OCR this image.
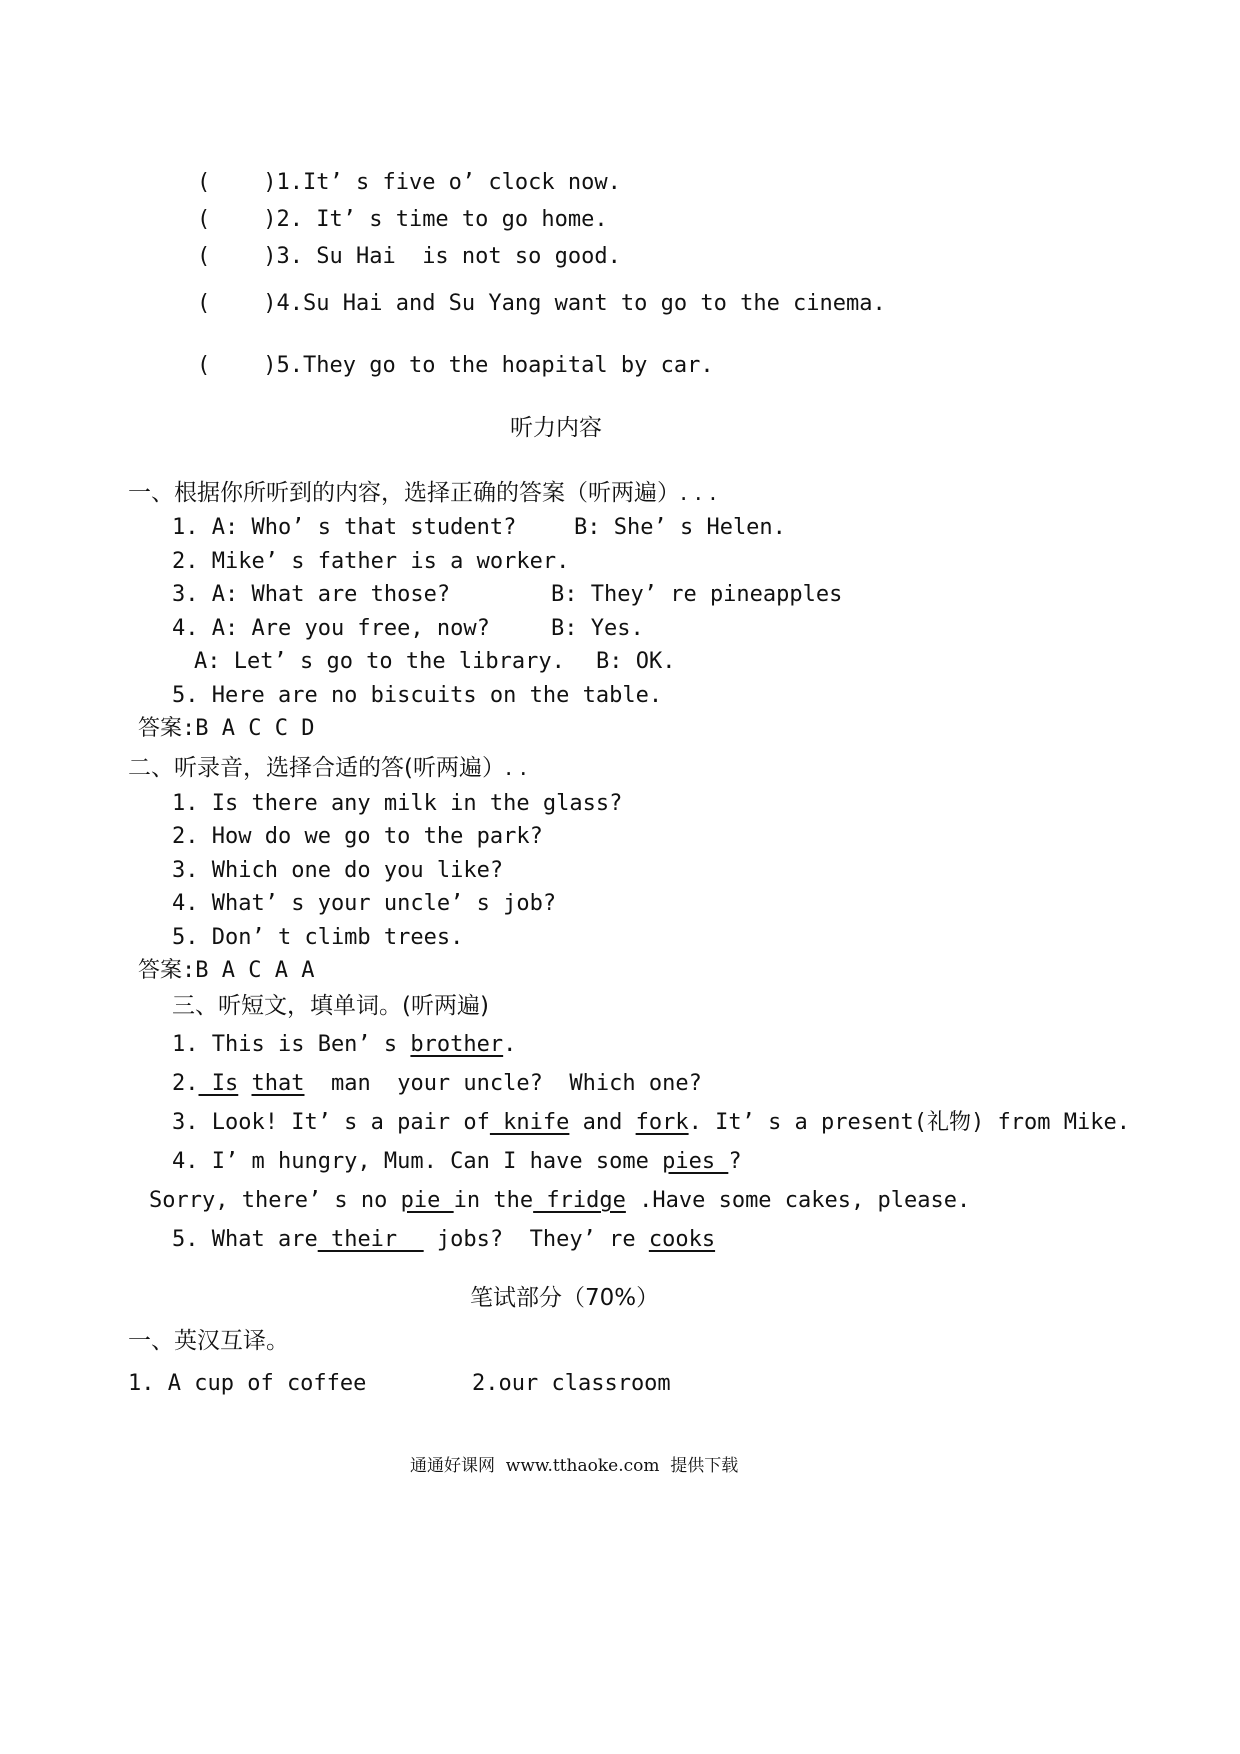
(    )1.It’ s five o’ clock now.
(    )2. It’ s time to go home.
(    )3. Su Hai  is not so good.
(    )4.Su Hai and Su Yang want to go to the cinema.
(    )5.They go to the hoapital by car.
听力内容
一、根据你所听到的内容，选择正确的答案（听两遍）. . .
1. A: Who’ s that student?	B: She’ s Helen.
2. Mike’ s father is a worker.
3. A: What are those?	B: They’ re pineapples
4. A: Are you free, now?	B: Yes.
A: Let’ s go to the library. B: OK.
5. Here are no biscuits on the table.
答案:B A C C D
二、听录音，选择合适的答(听两遍）. .
1. Is there any milk in the glass?
2. How do we go to the park?
3. Which one do you like?
4. What’ s your uncle’ s job?
5. Don’ t climb trees.
答案:B A C A A
三、听短文，填单词。(听两遍)
1. This is Ben’ s brother.
2. Is that  man  your uncle?  Which one?
3. Look! It’ s a pair of knife and fork. It’ s a present(礼物) from Mike.
4. I’ m hungry, Mum. Can I have some pies ?
Sorry, there’ s no pie in the fridge .Have some cakes, please.
5. What are their   jobs?  They’ re cooks
笔试部分（70%）
一、英汉互译。
1. A cup of coffee	2.our classroom
通通好课网  www.tthaoke.com  提供下载
